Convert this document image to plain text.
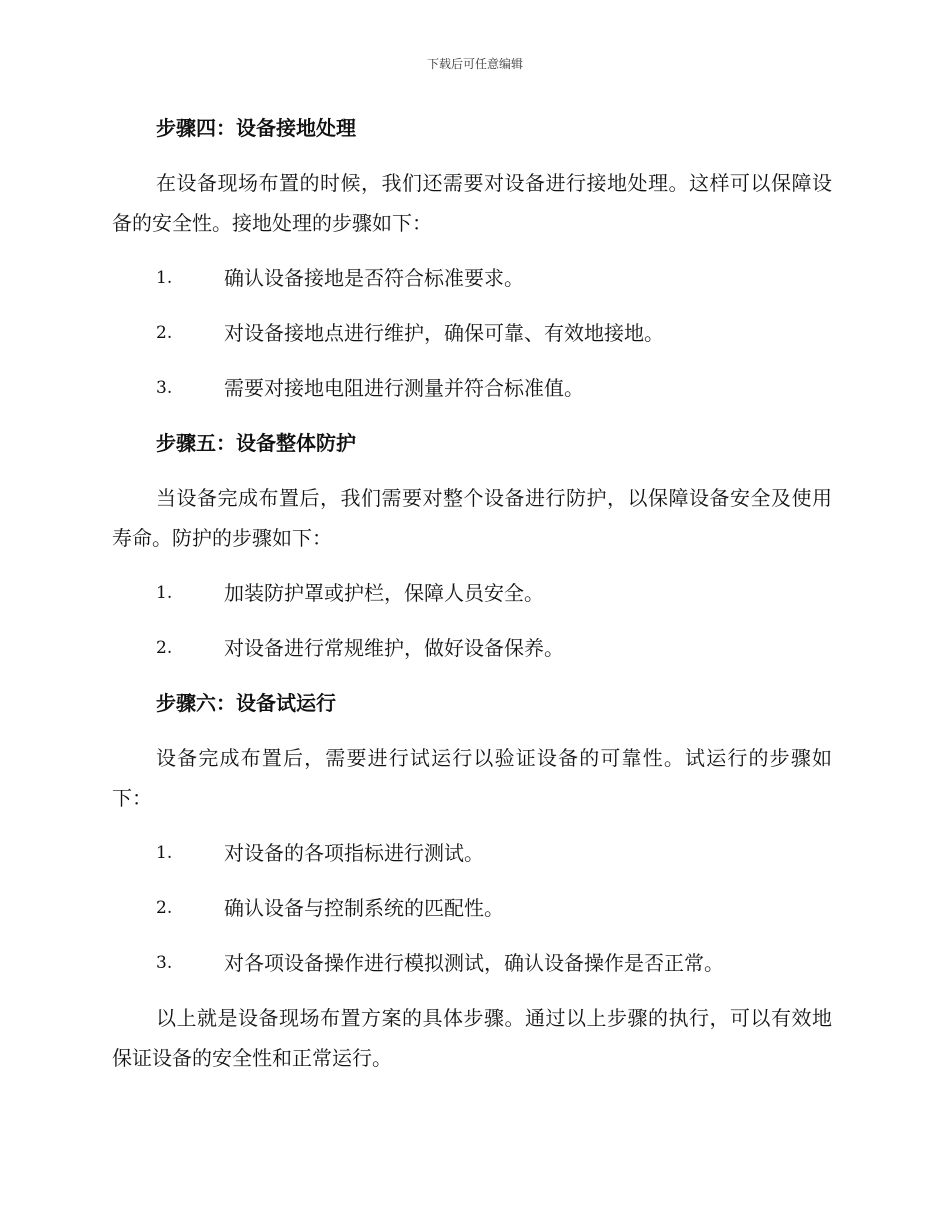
下载后可任意编辑
步骤四：设备接地处理

在设备现场布置的时候，我们还需要对设备进行接地处理。这样可以保障设备的安全性。接地处理的步骤如下：

1.	确认设备接地是否符合标准要求。
2.	对设备接地点进行维护，确保可靠、有效地接地。
3.	需要对接地电阻进行测量并符合标准值。
步骤五：设备整体防护

当设备完成布置后，我们需要对整个设备进行防护，以保障设备安全及使用寿命。防护的步骤如下：

1.	加装防护罩或护栏，保障人员安全。
2.	对设备进行常规维护，做好设备保养。
步骤六：设备试运行

设备完成布置后，需要进行试运行以验证设备的可靠性。试运行的步骤如下：

1.	对设备的各项指标进行测试。
2.	确认设备与控制系统的匹配性。
3.	对各项设备操作进行模拟测试，确认设备操作是否正常。

以上就是设备现场布置方案的具体步骤。通过以上步骤的执行，可以有效地保证设备的安全性和正常运行。
